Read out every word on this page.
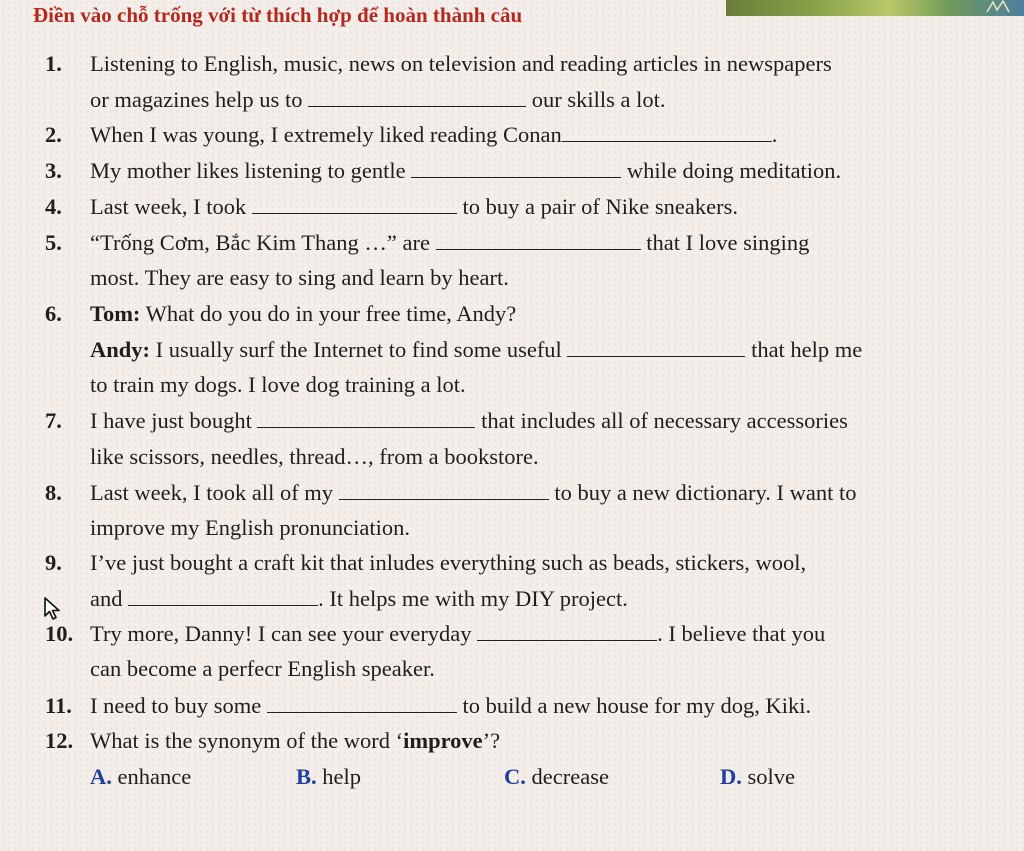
Điền vào chỗ trống với từ thích hợp để hoàn thành câu
1. Listening to English, music, news on television and reading articles in newspapers
or magazines help us to	our skills a lot.
2. When I was young, I extremely liked reading Conan	.
3. My mother likes listening to gentle	while doing meditation.
4. Last week, I took	to buy a pair of Nike sneakers.
5. “Trống Cơm, Bắc Kim Thang …” are	that I love singing
most. They are easy to sing and learn by heart.
6. Tom: What do you do in your free time, Andy?
Andy: I usually surf the Internet to find some useful	that help me
to train my dogs. I love dog training a lot.
7. I have just bought	that includes all of necessary accessories
like scissors, needles, thread…, from a bookstore.
8. Last week, I took all of my	to buy a new dictionary. I want to
improve my English pronunciation.
9. I’ve just bought a craft kit that inludes everything such as beads, stickers, wool,
and	. It helps me with my DIY project.
10. Try more, Danny! I can see your everyday	. I believe that you
can become a perfecr English speaker.
11. I need to buy some	to build a new house for my dog, Kiki.
12. What is the synonym of the word ‘improve’?
A. enhance	B. help	C. decrease	D. solve
